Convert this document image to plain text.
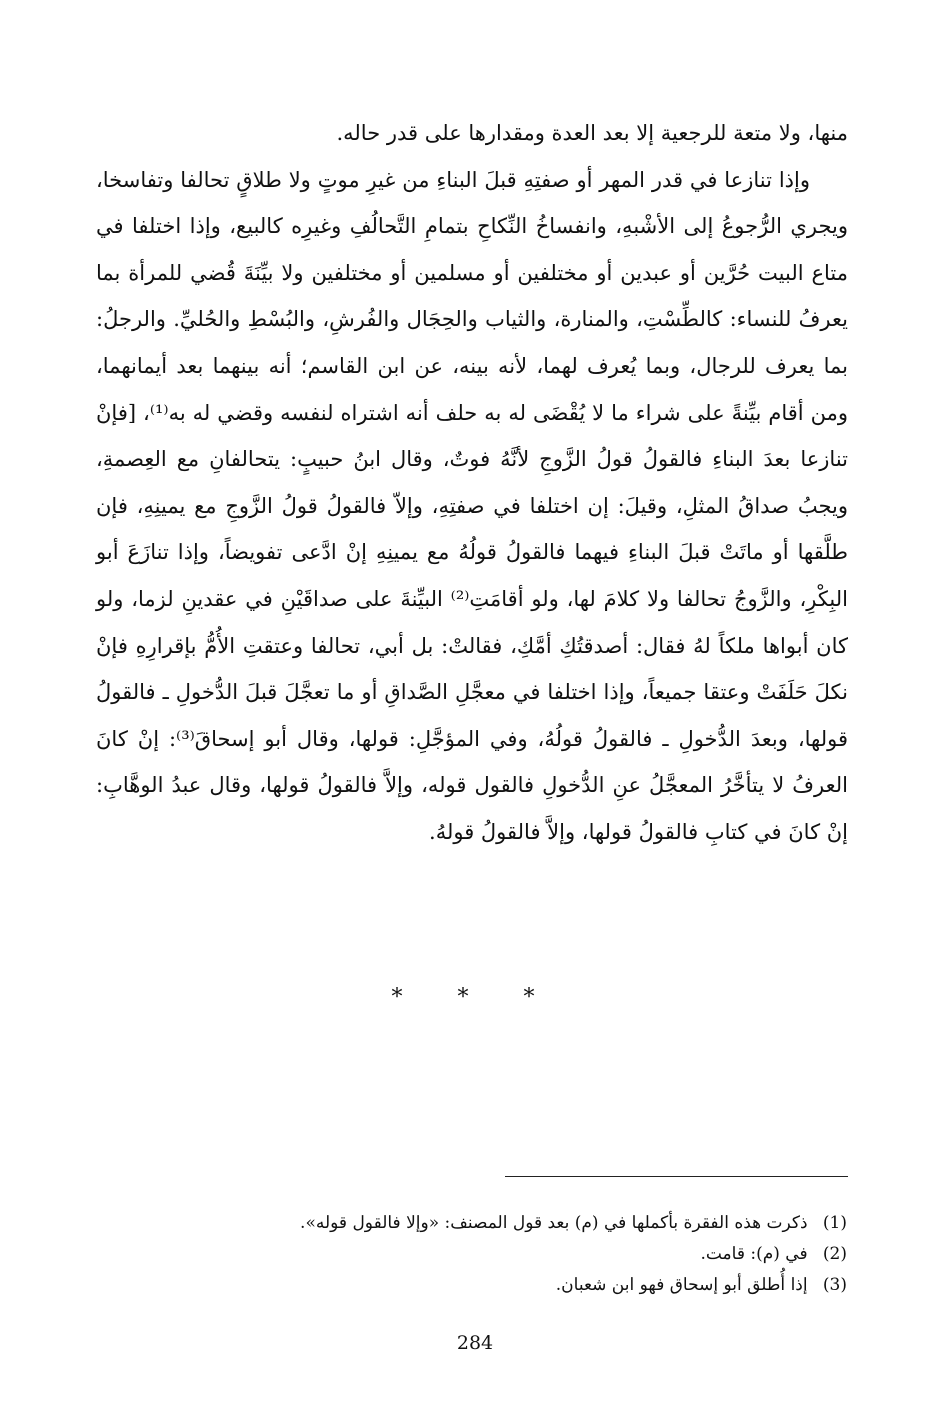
منها، ولا متعة للرجعية إلا بعد العدة ومقدارها على قدر حاله.

وإذا تنازعا في قدر المهر أو صفتِهِ قبلَ البناءِ من غيرِ موتٍ ولا طلاقٍ تحالفا وتفاسخا، ويجري الرُّجوعُ إلى الأشْبهِ، وانفساخُ النِّكاحِ بتمامِ التَّحالُفِ وغيرِه كالبيع، وإذا اختلفا في متاع البيت حُرَّين أو عبدين أو مختلفين أو مسلمين أو مختلفين ولا بيِّنَةَ قُضي للمرأة بما يعرفُ للنساء: كالطِّسْتِ، والمنارة، والثياب والحِجَال والفُرشِ، والبُسْطِ والحُليِّ. والرجلُ: بما يعرف للرجال، وبما يُعرف لهما، لأنه بينه، عن ابن القاسم؛ أنه بينهما بعد أيمانهما، ومن أقام بيِّنةً على شراء ما لا يُقْضَى له به حلف أنه اشتراه لنفسه وقضي له به⁽¹⁾، [فإنْ تنازعا بعدَ البناءِ فالقولُ قولُ الزَّوجِ لأنَّهُ فوتٌ، وقال ابنُ حبيبٍ: يتحالفانِ مع العِصمةِ، ويجبُ صداقُ المثلِ، وقيلَ: إن اختلفا في صفتِهِ، وإلاّ فالقولُ قولُ الزَّوجِ مع يمينِهِ، فإن طلَّقها أو ماتَتْ قبلَ البناءِ فيهما فالقولُ قولُهُ مع يمينِهِ إنْ ادَّعى تفويضاً، وإذا تنازَعَ أبو البِكْرِ، والزَّوجُ تحالفا ولا كلامَ لها، ولو أقامَتِ⁽²⁾ البيِّنةَ على صداقَيْنِ في عقدينِ لزما، ولو كان أبواها ملكاً لهُ فقال: أصدقتُكِ أمَّكِ، فقالتْ: بل أبي، تحالفا وعتقتِ الأُمُّ بإقرارِهِ فإنْ نكلَ حَلَفَتْ وعتقا جميعاً، وإذا اختلفا في معجَّلِ الصَّداقِ أو ما تعجَّلَ قبلَ الدُّخولِ ـ فالقولُ قولها، وبعدَ الدُّخولِ ـ فالقولُ قولُهُ، وفي المؤجَّلِ: قولها، وقال أبو إسحاقَ⁽³⁾: إنْ كانَ العرفُ لا يتأخَّرُ المعجَّلُ عنِ الدُّخولِ فالقول قوله، وإلاَّ فالقولُ قولها، وقال عبدُ الوهَّابِ: إنْ كانَ في كتابِ فالقولُ قولها، وإلاَّ فالقولُ قولهُ.

* * *

(1) ذكرت هذه الفقرة بأكملها في (م) بعد قول المصنف: «وإلا فالقول قوله».
(2) في (م): قامت.
(3) إذا أُطلق أبو إسحاق فهو ابن شعبان.

284
